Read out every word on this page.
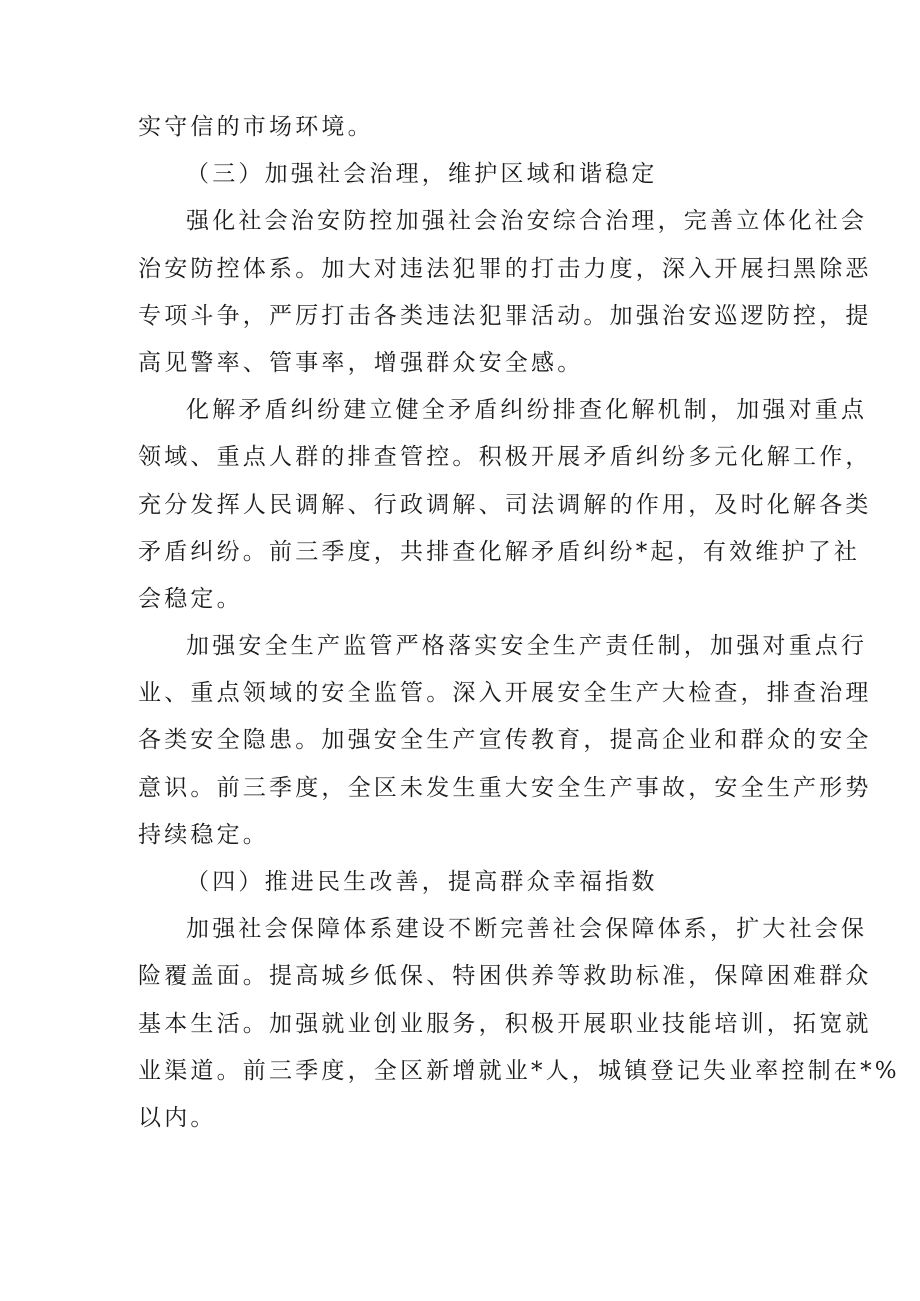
实守信的市场环境。
（三）加强社会治理，维护区域和谐稳定
强化社会治安防控加强社会治安综合治理，完善立体化社会
治安防控体系。加大对违法犯罪的打击力度，深入开展扫黑除恶
专项斗争，严厉打击各类违法犯罪活动。加强治安巡逻防控，提
高见警率、管事率，增强群众安全感。
化解矛盾纠纷建立健全矛盾纠纷排查化解机制，加强对重点
领域、重点人群的排查管控。积极开展矛盾纠纷多元化解工作，
充分发挥人民调解、行政调解、司法调解的作用，及时化解各类
矛盾纠纷。前三季度，共排查化解矛盾纠纷*起，有效维护了社
会稳定。
加强安全生产监管严格落实安全生产责任制，加强对重点行
业、重点领域的安全监管。深入开展安全生产大检查，排查治理
各类安全隐患。加强安全生产宣传教育，提高企业和群众的安全
意识。前三季度，全区未发生重大安全生产事故，安全生产形势
持续稳定。
（四）推进民生改善，提高群众幸福指数
加强社会保障体系建设不断完善社会保障体系，扩大社会保
险覆盖面。提高城乡低保、特困供养等救助标准，保障困难群众
基本生活。加强就业创业服务，积极开展职业技能培训，拓宽就
业渠道。前三季度，全区新增就业*人，城镇登记失业率控制在*%
以内。
